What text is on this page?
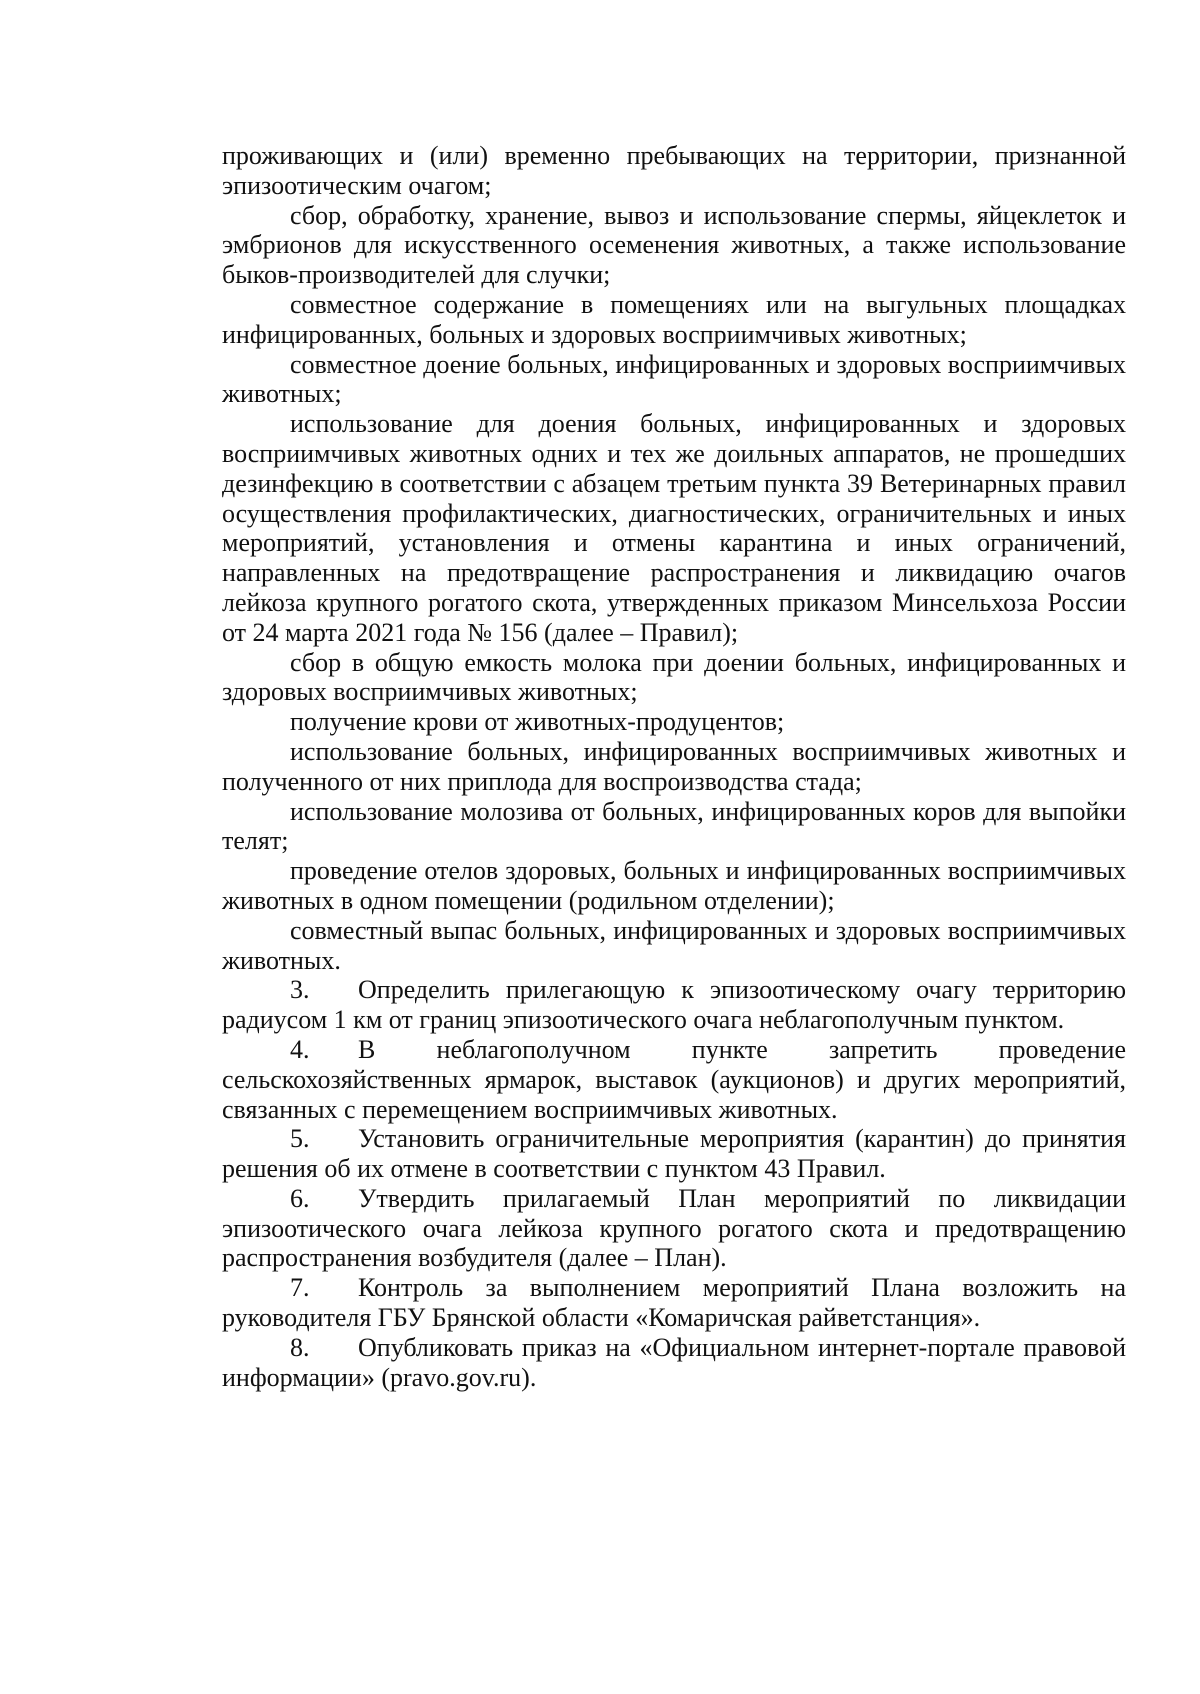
проживающих и (или) временно пребывающих на территории, признанной эпизоотическим очагом;

сбор, обработку, хранение, вывоз и использование спермы, яйцеклеток и эмбрионов для искусственного осеменения животных, а также использование быков-производителей для случки;

совместное содержание в помещениях или на выгульных площадках инфицированных, больных и здоровых восприимчивых животных;

совместное доение больных, инфицированных и здоровых восприимчивых животных;

использование для доения больных, инфицированных и здоровых восприимчивых животных одних и тех же доильных аппаратов, не прошедших дезинфекцию в соответствии с абзацем третьим пункта 39 Ветеринарных правил осуществления профилактических, диагностических, ограничительных и иных мероприятий, установления и отмены карантина и иных ограничений, направленных на предотвращение распространения и ликвидацию очагов лейкоза крупного рогатого скота, утвержденных приказом Минсельхоза России от 24 марта 2021 года № 156 (далее – Правил);

сбор в общую емкость молока при доении больных, инфицированных и здоровых восприимчивых животных;

получение крови от животных-продуцентов;

использование больных, инфицированных восприимчивых животных и полученного от них приплода для воспроизводства стада;

использование молозива от больных, инфицированных коров для выпойки телят;

проведение отелов здоровых, больных и инфицированных восприимчивых животных в одном помещении (родильном отделении);

совместный выпас больных, инфицированных и здоровых восприимчивых животных.

3. Определить прилегающую к эпизоотическому очагу территорию радиусом 1 км от границ эпизоотического очага неблагополучным пунктом.

4. В неблагополучном пункте запретить проведение сельскохозяйственных ярмарок, выставок (аукционов) и других мероприятий, связанных с перемещением восприимчивых животных.

5. Установить ограничительные мероприятия (карантин) до принятия решения об их отмене в соответствии с пунктом 43 Правил.

6. Утвердить прилагаемый План мероприятий по ликвидации эпизоотического очага лейкоза крупного рогатого скота и предотвращению распространения возбудителя (далее – План).

7. Контроль за выполнением мероприятий Плана возложить на руководителя ГБУ Брянской области «Комаричская райветстанция».

8. Опубликовать приказ на «Официальном интернет-портале правовой информации» (pravo.gov.ru).
